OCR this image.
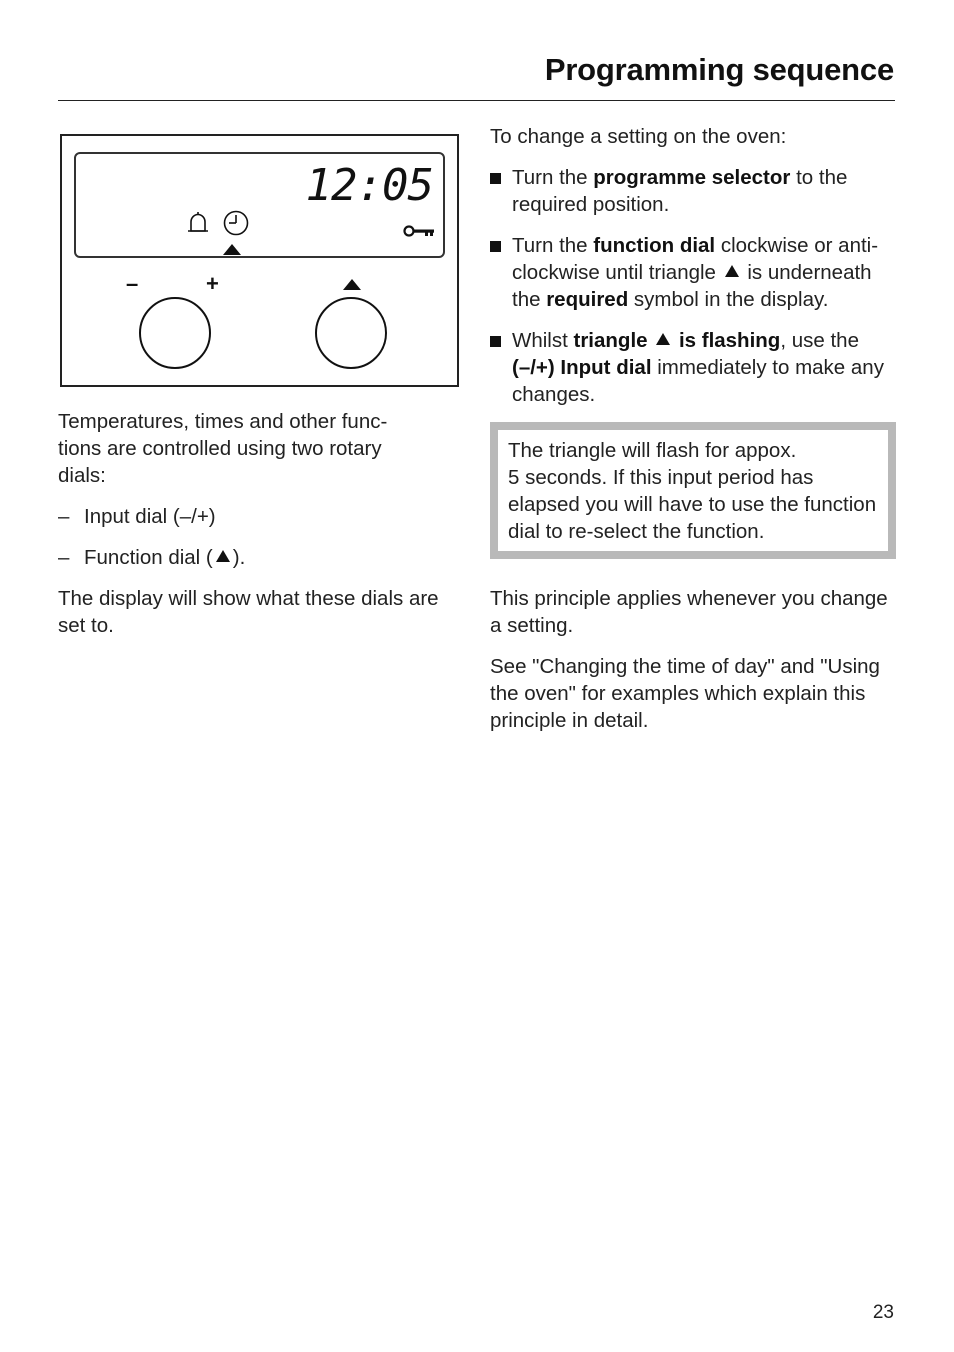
Programming sequence
12:05
–	+

Temperatures, times and other func-
tions are controlled using two rotary
dials:

– Input dial (–/+)
– Function dial ( ).

The display will show what these dials are set to.

To change a setting on the oven:

Turn the programme selector to the required position.
Turn the function dial clockwise or anti-clockwise until triangle  is underneath the required symbol in the display.
Whilst triangle  is flashing, use the (–/+) Input dial immediately to make any changes.
The triangle will flash for appox.
5 seconds. If this input period has elapsed you will have to use the function dial to re-select the function.

This principle applies whenever you change a setting.

See "Changing the time of day" and "Using the oven" for examples which explain this principle in detail.

23
